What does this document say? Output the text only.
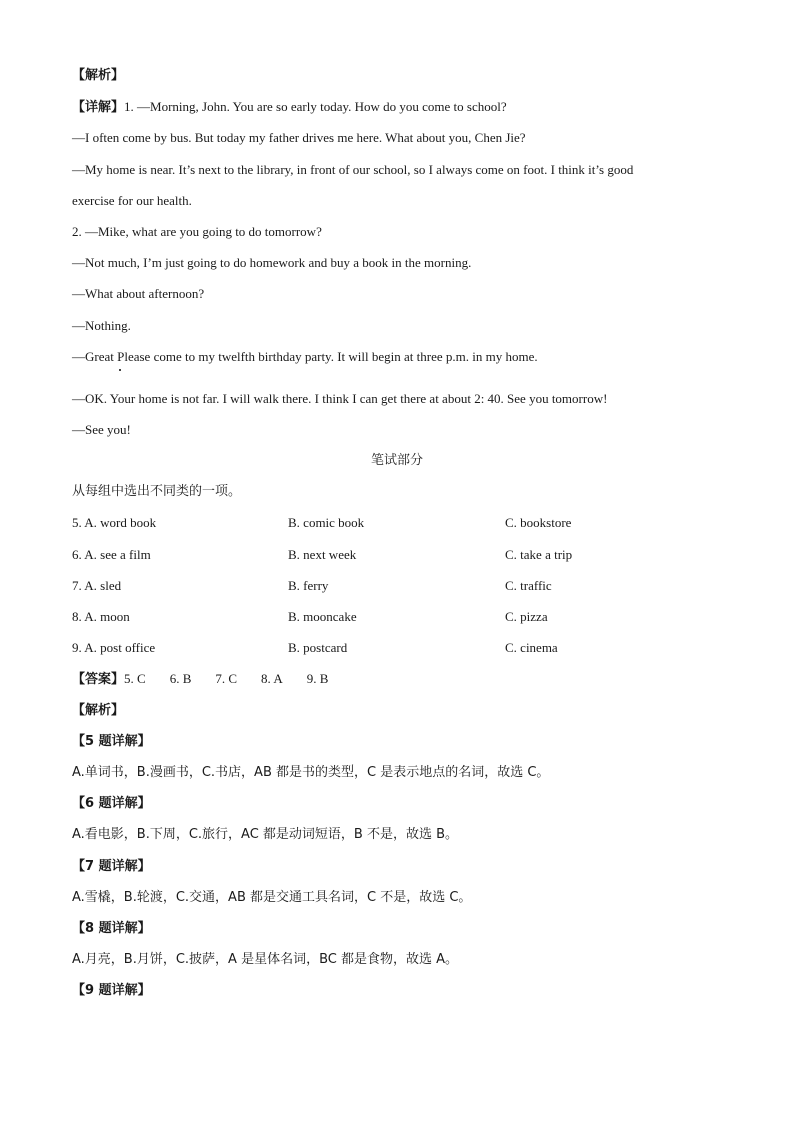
【解析】
【详解】1. —Morning, John. You are so early today. How do you come to school?
—I often come by bus. But today my father drives me here. What about you, Chen Jie?
—My home is near. It’s next to the library, in front of our school, so I always come on foot. I think it’s good
exercise for our health.
2. —Mike, what are you going to do tomorrow?
—Not much, I’m just going to do homework and buy a book in the morning.
—What about afternoon?
—Nothing.
—Great Please come to my twelfth birthday party. It will begin at three p.m. in my home.
—OK. Your home is not far. I will walk there. I think I can get there at about 2: 40. See you tomorrow!
—See you!
笔试部分
从每组中选出不同类的一项。
5. A. word book	B. comic book	C. bookstore
6. A. see a film	B. next week	C. take a trip
7. A. sled	B. ferry	C. traffic
8. A. moon	B. mooncake	C. pizza
9. A. post office	B. postcard	C. cinema
【答案】5. C 6. B 7. C 8. A 9. B
【解析】
【5 题详解】
A.单词书，B.漫画书，C.书店，AB 都是书的类型，C 是表示地点的名词，故选 C。
【6 题详解】
A.看电影，B.下周，C.旅行，AC 都是动词短语，B 不是，故选 B。
【7 题详解】
A.雪橇，B.轮渡，C.交通，AB 都是交通工具名词，C 不是，故选 C。
【8 题详解】
A.月亮，B.月饼，C.披萨，A 是星体名词，BC 都是食物，故选 A。
【9 题详解】
